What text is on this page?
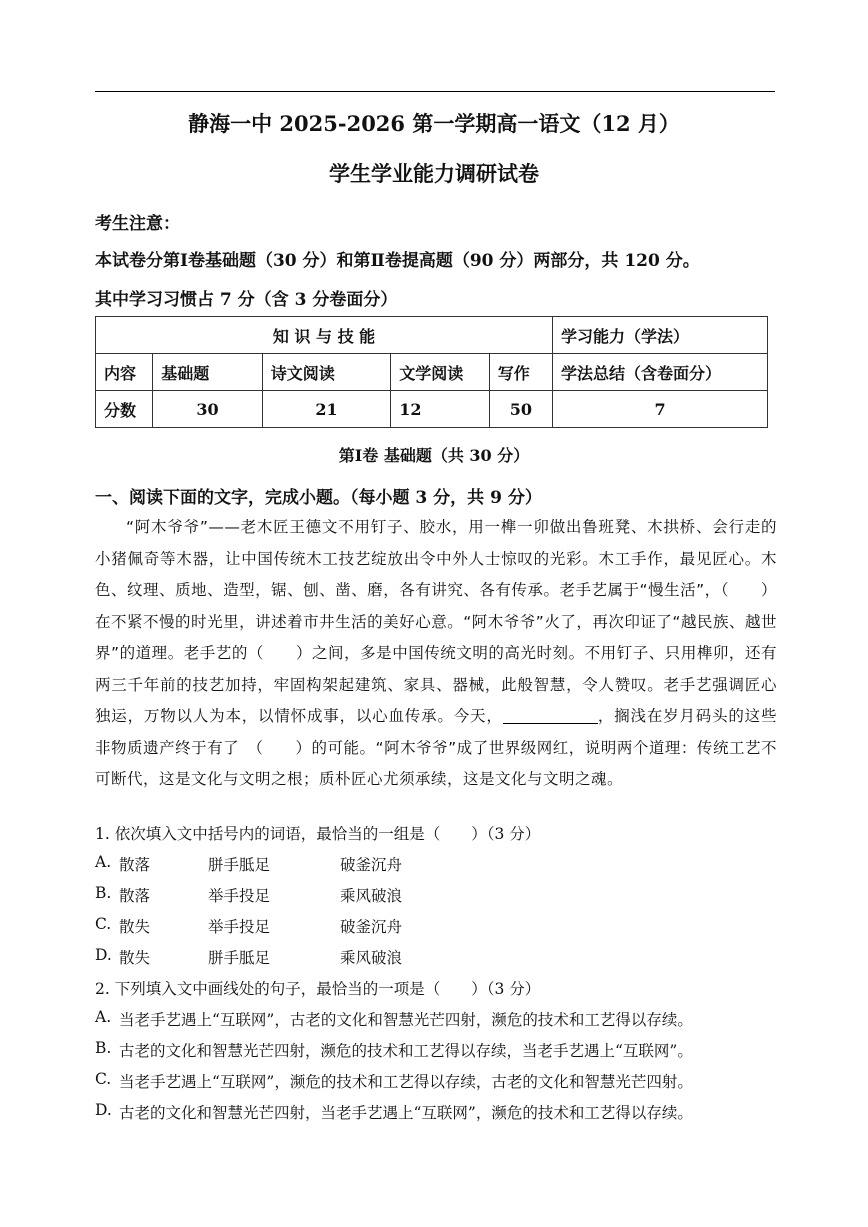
静海一中 2025-2026 第一学期高一语文（12 月）
学生学业能力调研试卷
考生注意：
本试卷分第Ⅰ卷基础题（30 分）和第Ⅱ卷提高题（90 分）两部分，共 120 分。
其中学习习惯占 7 分（含 3 分卷面分）
知 识 与 技 能					学习能力（学法）
内容	基础题	诗文阅读	文学阅读	写作	学法总结（含卷面分）
分数	30	21	12	50	7
第Ⅰ卷 基础题（共 30 分）
一、阅读下面的文字，完成小题。（每小题 3 分，共 9 分）

“阿木爷爷”——老木匠王德文不用钉子、胶水，用一榫一卯做出鲁班凳、木拱桥、会行走的小猪佩奇等木器，让中国传统木工技艺绽放出令中外人士惊叹的光彩。木工手作，最见匠心。木色、纹理、质地、造型，锯、刨、凿、磨，各有讲究、各有传承。老手艺属于“慢生活”，（　　）在不紧不慢的时光里，讲述着市井生活的美好心意。“阿木爷爷”火了，再次印证了“越民族、越世界”的道理。老手艺的（　　）之间，多是中国传统文明的高光时刻。不用钉子、只用榫卯，还有两三千年前的技艺加持，牢固构架起建筑、家具、器械，此般智慧，令人赞叹。老手艺强调匠心独运，万物以人为本，以情怀成事，以心血传承。今天，	，搁浅在岁月码头的这些非物质遗产终于有了　（　　）的可能。“阿木爷爷”成了世界级网红，说明两个道理：传统工艺不可断代，这是文化与文明之根；质朴匠心尤须承续，这是文化与文明之魂。

1. 依次填入文中括号内的词语，最恰当的一组是（　　）（3 分）
A. 散落	胼手胝足	破釜沉舟
B. 散落	举手投足	乘风破浪
C. 散失	举手投足	破釜沉舟
D. 散失	胼手胝足	乘风破浪
2. 下列填入文中画线处的句子，最恰当的一项是（　　）（3 分）
A. 当老手艺遇上“互联网”，古老的文化和智慧光芒四射，濒危的技术和工艺得以存续。
B. 古老的文化和智慧光芒四射，濒危的技术和工艺得以存续，当老手艺遇上“互联网”。
C. 当老手艺遇上“互联网”，濒危的技术和工艺得以存续，古老的文化和智慧光芒四射。
D. 古老的文化和智慧光芒四射，当老手艺遇上“互联网”，濒危的技术和工艺得以存续。
